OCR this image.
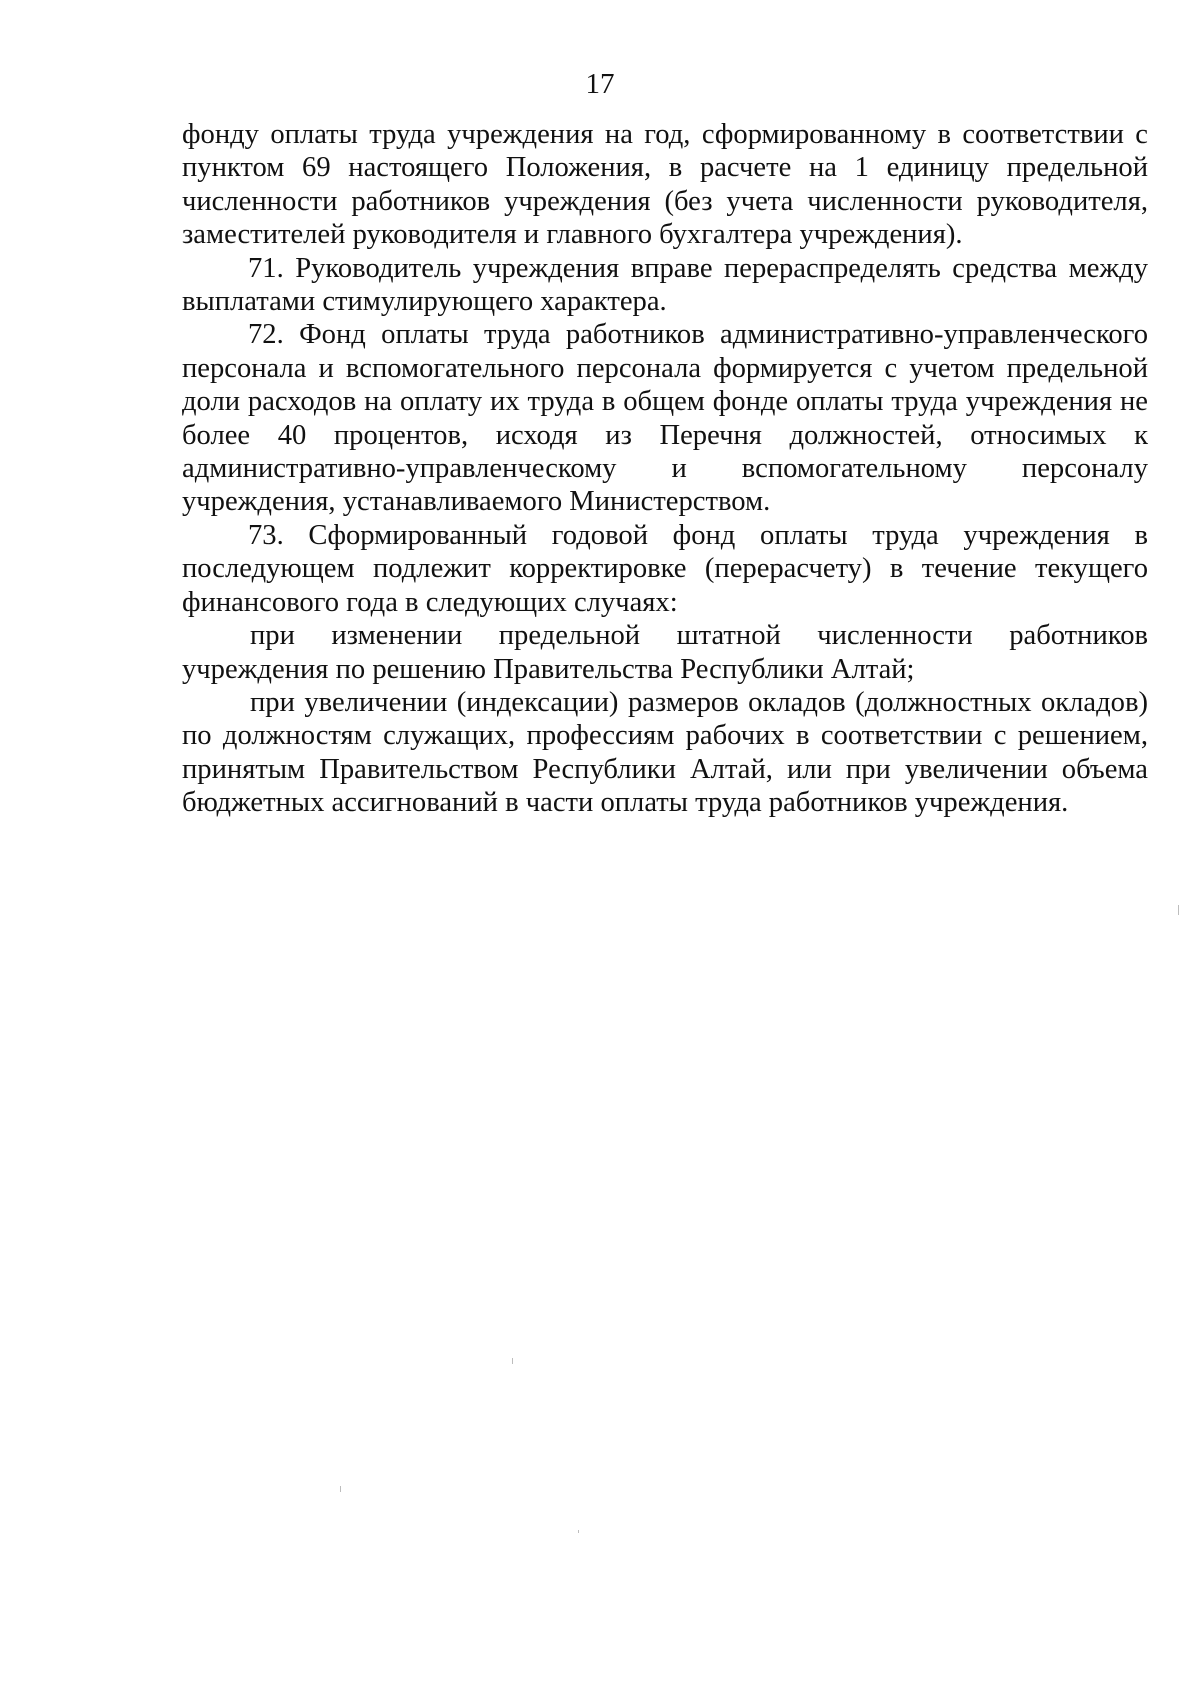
17

фонду оплаты труда учреждения на год, сформированному в соответствии с пунктом 69 настоящего Положения, в расчете на 1 единицу предельной численности работников учреждения (без учета численности руководителя, заместителей руководителя и главного бухгалтера учреждения).

71. Руководитель учреждения вправе перераспределять средства между выплатами стимулирующего характера.

72. Фонд оплаты труда работников административно-управленческого персонала и вспомогательного персонала формируется с учетом предельной доли расходов на оплату их труда в общем фонде оплаты труда учреждения не более 40 процентов, исходя из Перечня должностей, относимых к административно-управленческому и вспомогательному персоналу учреждения, устанавливаемого Министерством.

73. Сформированный годовой фонд оплаты труда учреждения в последующем подлежит корректировке (перерасчету) в течение текущего финансового года в следующих случаях:

при изменении предельной штатной численности работников учреждения по решению Правительства Республики Алтай;

при увеличении (индексации) размеров окладов (должностных окладов) по должностям служащих, профессиям рабочих в соответствии с решением, принятым Правительством Республики Алтай, или при увеличении объема бюджетных ассигнований в части оплаты труда работников учреждения.
